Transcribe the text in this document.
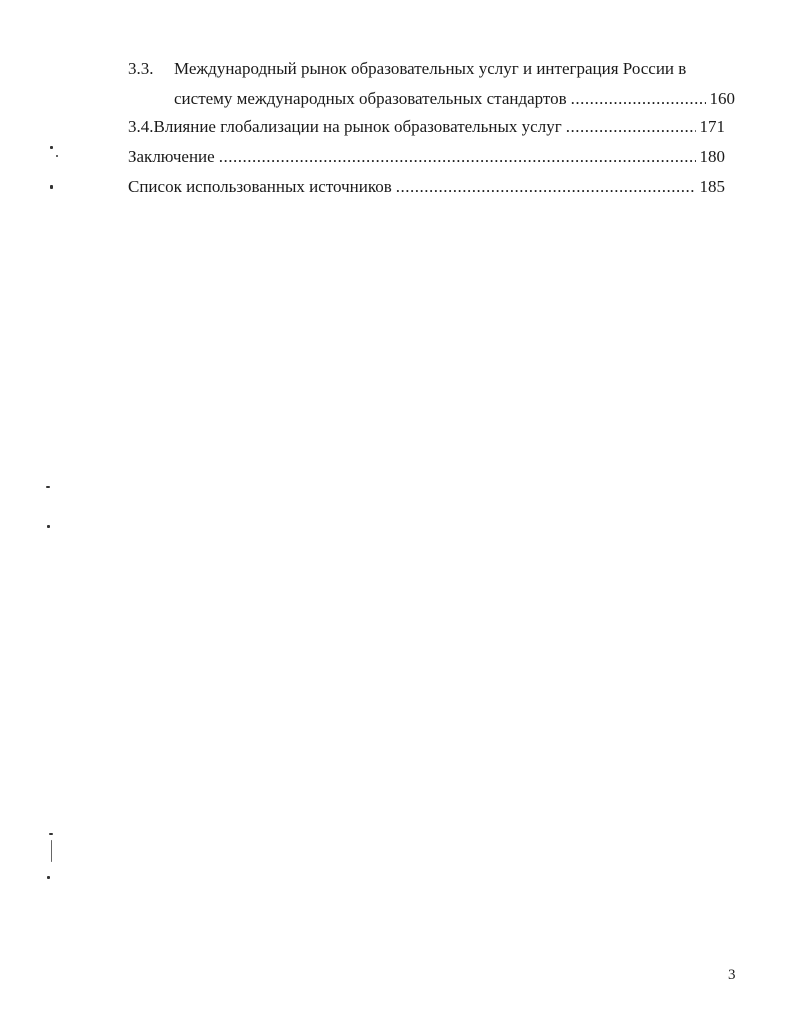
3.3.	Международный рынок образовательных услуг и интеграция России в
систему международных образовательных стандартов .....	160
3.4. Влияние глобализации на рынок образовательных услуг .....	171
Заключение .....	180
Список использованных источников .....	185
3
